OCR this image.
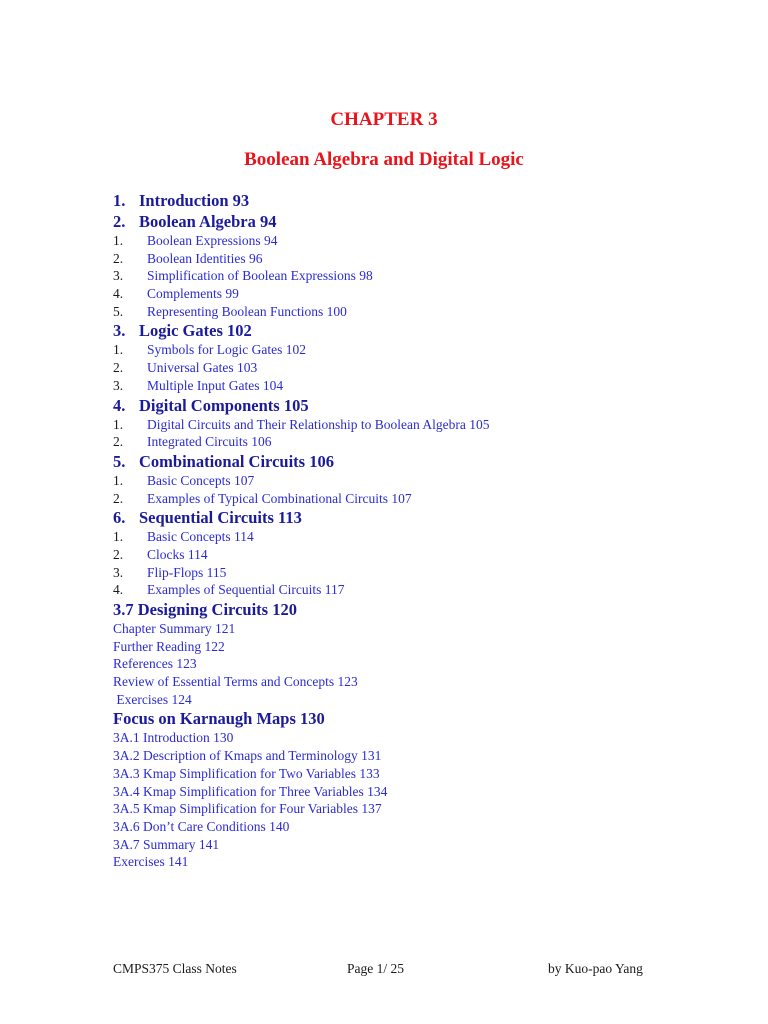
CHAPTER 3
Boolean Algebra and Digital Logic
1. Introduction 93
2. Boolean Algebra 94
1. Boolean Expressions 94
2. Boolean Identities 96
3. Simplification of Boolean Expressions 98
4. Complements 99
5. Representing Boolean Functions 100
3. Logic Gates 102
1. Symbols for Logic Gates 102
2. Universal Gates 103
3. Multiple Input Gates 104
4. Digital Components 105
1. Digital Circuits and Their Relationship to Boolean Algebra 105
2. Integrated Circuits 106
5. Combinational Circuits 106
1. Basic Concepts 107
2. Examples of Typical Combinational Circuits 107
6. Sequential Circuits 113
1. Basic Concepts 114
2. Clocks 114
3. Flip-Flops 115
4. Examples of Sequential Circuits 117
3.7 Designing Circuits 120
Chapter Summary 121
Further Reading 122
References 123
Review of Essential Terms and Concepts 123
Exercises 124
Focus on Karnaugh Maps 130
3A.1 Introduction 130
3A.2 Description of Kmaps and Terminology 131
3A.3 Kmap Simplification for Two Variables 133
3A.4 Kmap Simplification for Three Variables 134
3A.5 Kmap Simplification for Four Variables 137
3A.6 Don’t Care Conditions 140
3A.7 Summary 141
Exercises 141
CMPS375 Class Notes	Page 1/ 25	by Kuo-pao Yang
